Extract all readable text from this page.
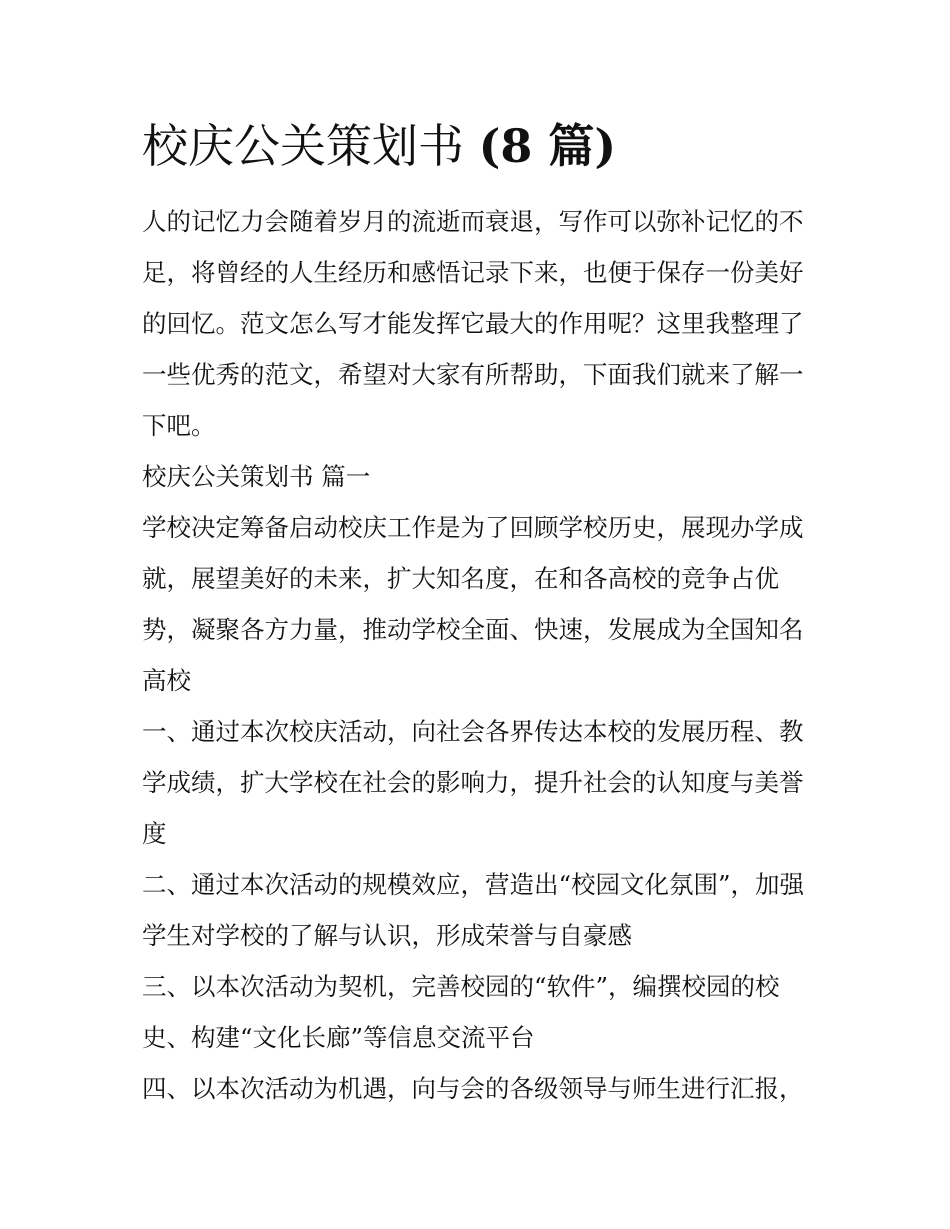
校庆公关策划书 (8 篇)

人的记忆力会随着岁月的流逝而衰退，写作可以弥补记忆的不

足，将曾经的人生经历和感悟记录下来，也便于保存一份美好

的回忆。范文怎么写才能发挥它最大的作用呢？这里我整理了

一些优秀的范文，希望对大家有所帮助，下面我们就来了解一

下吧。

校庆公关策划书 篇一

学校决定筹备启动校庆工作是为了回顾学校历史，展现办学成

就，展望美好的未来，扩大知名度，在和各高校的竞争占优

势，凝聚各方力量，推动学校全面、快速，发展成为全国知名

高校

一、通过本次校庆活动，向社会各界传达本校的发展历程、教

学成绩，扩大学校在社会的影响力，提升社会的认知度与美誉

度

二、通过本次活动的规模效应，营造出“校园文化氛围”，加强

学生对学校的了解与认识，形成荣誉与自豪感

三、以本次活动为契机，完善校园的“软件”，编撰校园的校

史、构建“文化长廊”等信息交流平台

四、以本次活动为机遇，向与会的各级领导与师生进行汇报，
